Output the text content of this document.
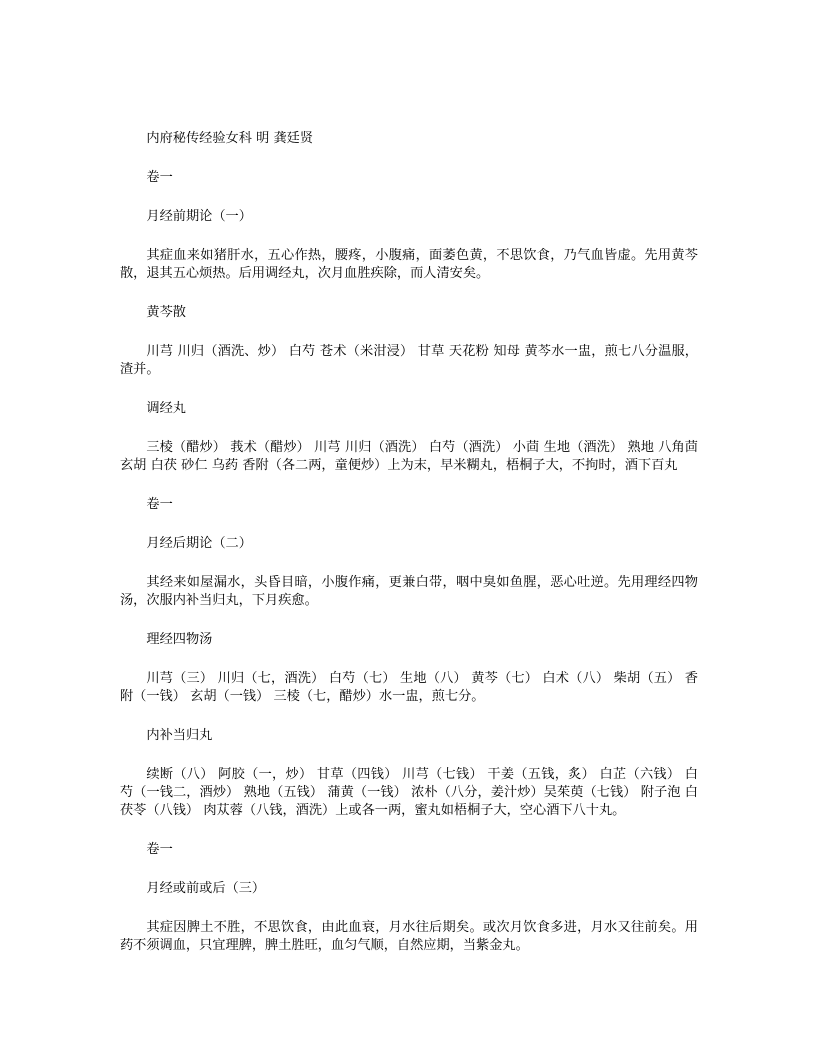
内府秘传经验女科 明 龚廷贤

卷一

月经前期论（一）

其症血来如猪肝水，五心作热，腰疼，小腹痛，面萎色黄，不思饮食，乃气血皆虚。先用黄芩散，退其五心烦热。后用调经丸，次月血胜疾除，而人清安矣。

黄芩散

川芎 川归（酒洗、炒） 白芍 苍术（米泔浸） 甘草 天花粉 知母 黄芩水一盅，煎七八分温服，渣并。

调经丸

三棱（醋炒） 莪术（醋炒） 川芎 川归（酒洗） 白芍（酒洗） 小茴 生地（酒洗） 熟地 八角茴 玄胡 白茯 砂仁 乌药 香附（各二两，童便炒）上为末，早米糊丸，梧桐子大，不拘时，酒下百丸

卷一

月经后期论（二）

其经来如屋漏水，头昏目暗，小腹作痛，更兼白带，咽中臭如鱼腥，恶心吐逆。先用理经四物汤，次服内补当归丸，下月疾愈。

理经四物汤

川芎（三） 川归（七，酒洗） 白芍（七） 生地（八） 黄芩（七） 白术（八） 柴胡（五） 香附（一钱） 玄胡（一钱） 三棱（七，醋炒）水一盅，煎七分。

内补当归丸

续断（八） 阿胶（一，炒） 甘草（四钱） 川芎（七钱） 干姜（五钱，炙） 白芷（六钱） 白芍（一钱二，酒炒） 熟地（五钱） 蒲黄（一钱） 浓朴（八分，姜汁炒）吴茱萸（七钱） 附子泡 白茯苓（八钱） 肉苁蓉（八钱，酒洗）上或各一两，蜜丸如梧桐子大，空心酒下八十丸。

卷一

月经或前或后（三）

其症因脾土不胜，不思饮食，由此血衰，月水往后期矣。或次月饮食多进，月水又往前矣。用药不须调血，只宜理脾，脾土胜旺，血匀气顺，自然应期，当紫金丸。
